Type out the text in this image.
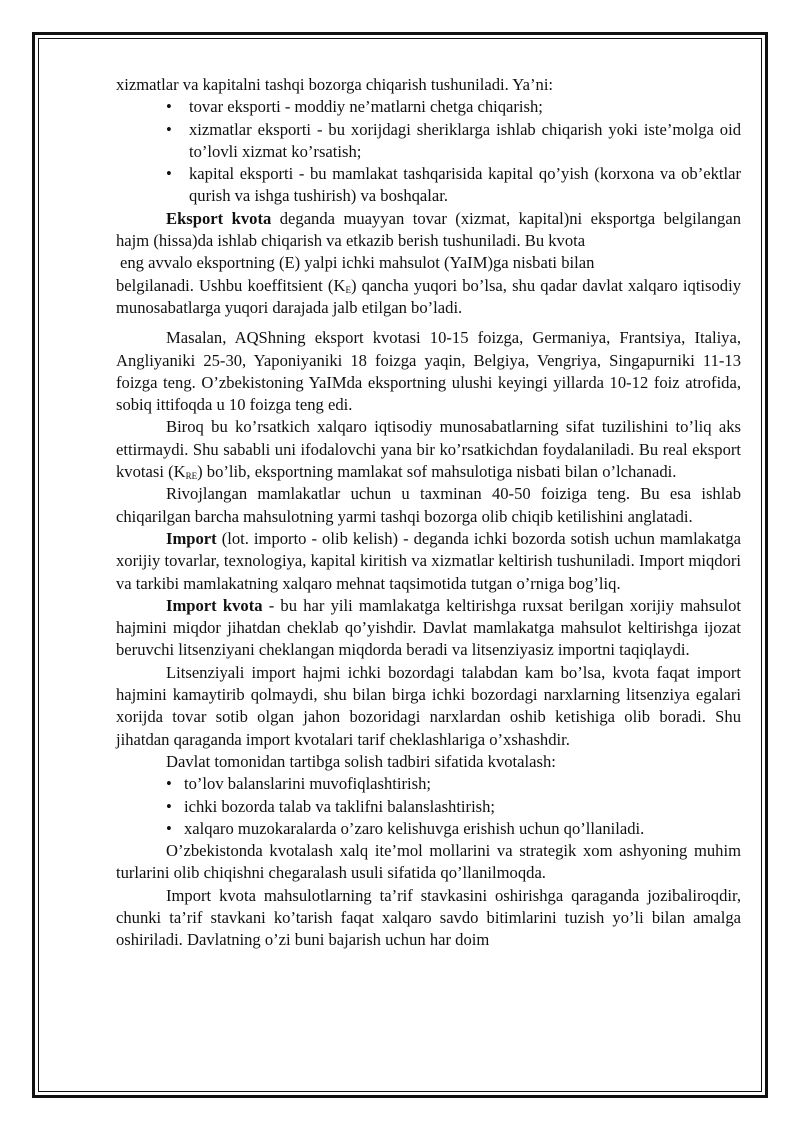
xizmatlar va kapitalni tashqi bozorga chiqarish tushuniladi. Ya’ni:

• tovar eksporti - moddiy ne’matlarni chetga chiqarish;
• xizmatlar eksporti - bu xorijdagi sheriklarga ishlab chiqarish yoki iste’molga oid to’lovli xizmat ko’rsatish;
• kapital eksporti - bu mamlakat tashqarisida kapital qo’yish (korxona va ob’ektlar qurish va ishga tushirish) va boshqalar.

Eksport kvota deganda muayyan tovar (xizmat, kapital)ni eksportga belgilangan hajm (hissa)da ishlab chiqarish va etkazib berish tushuniladi. Bu kvota

eng avvalo eksportning (E) yalpi ichki mahsulot (YaIM)ga nisbati bilan

belgilanadi. Ushbu koeffitsient $(K_E)$ qancha yuqori bo’lsa, shu qadar davlat xalqaro iqtisodiy munosabatlarga yuqori darajada jalb etilgan bo’ladi.

Masalan, AQShning eksport kvotasi 10-15 foizga, Germaniya, Frantsiya, Italiya, Angliyaniki 25-30, Yaponiyaniki 18 foizga yaqin, Belgiya, Vengriya, Singapurniki 11-13 foizga teng. O’zbekistoning YaIMda eksportning ulushi keyingi yillarda 10-12 foiz atrofida, sobiq ittifoqda u 10 foizga teng edi.

Biroq bu ko’rsatkich xalqaro iqtisodiy munosabatlarning sifat tuzilishini to’liq aks ettirmaydi. Shu sababli uni ifodalovchi yana bir ko’rsatkichdan foydalaniladi. Bu real eksport kvotasi $(K_{RE})$ bo’lib, eksportning mamlakat sof mahsulotiga nisbati bilan o’lchanadi.

Rivojlangan mamlakatlar uchun u taxminan 40-50 foiziga teng. Bu esa ishlab chiqarilgan barcha mahsulotning yarmi tashqi bozorga olib chiqib ketilishini anglatadi.

Import (lot. importo - olib kelish) - deganda ichki bozorda sotish uchun mamlakatga xorijiy tovarlar, texnologiya, kapital kiritish va xizmatlar keltirish tushuniladi. Import miqdori va tarkibi mamlakatning xalqaro mehnat taqsimotida tutgan o’rniga bog’liq.

Import kvota - bu har yili mamlakatga keltirishga ruxsat berilgan xorijiy mahsulot hajmini miqdor jihatdan cheklab qo’yishdir. Davlat mamlakatga mahsulot keltirishga ijozat beruvchi litsenziyani cheklangan miqdorda beradi va litsenziyasiz importni taqiqlaydi.

Litsenziyali import hajmi ichki bozordagi talabdan kam bo’lsa, kvota faqat import hajmini kamaytirib qolmaydi, shu bilan birga ichki bozordagi narxlarning litsenziya egalari xorijda tovar sotib olgan jahon bozoridagi narxlardan oshib ketishiga olib boradi. Shu jihatdan qaraganda import kvotalari tarif cheklashlariga o’xshashdir.

Davlat tomonidan tartibga solish tadbiri sifatida kvotalash:

• to’lov balanslarini muvofiqlashtirish;
• ichki bozorda talab va taklifni balanslashtirish;
• xalqaro muzokaralarda o’zaro kelishuvga erishish uchun qo’llaniladi.

O’zbekistonda kvotalash xalq ite’mol mollarini va strategik xom ashyoning muhim turlarini olib chiqishni chegaralash usuli sifatida qo’llanilmoqda.

Import kvota mahsulotlarning ta’rif stavkasini oshirishga qaraganda jozibaliroqdir, chunki ta’rif stavkani ko’tarish faqat xalqaro savdo bitimlarini tuzish yo’li bilan amalga oshiriladi. Davlatning o’zi buni bajarish uchun har doim
